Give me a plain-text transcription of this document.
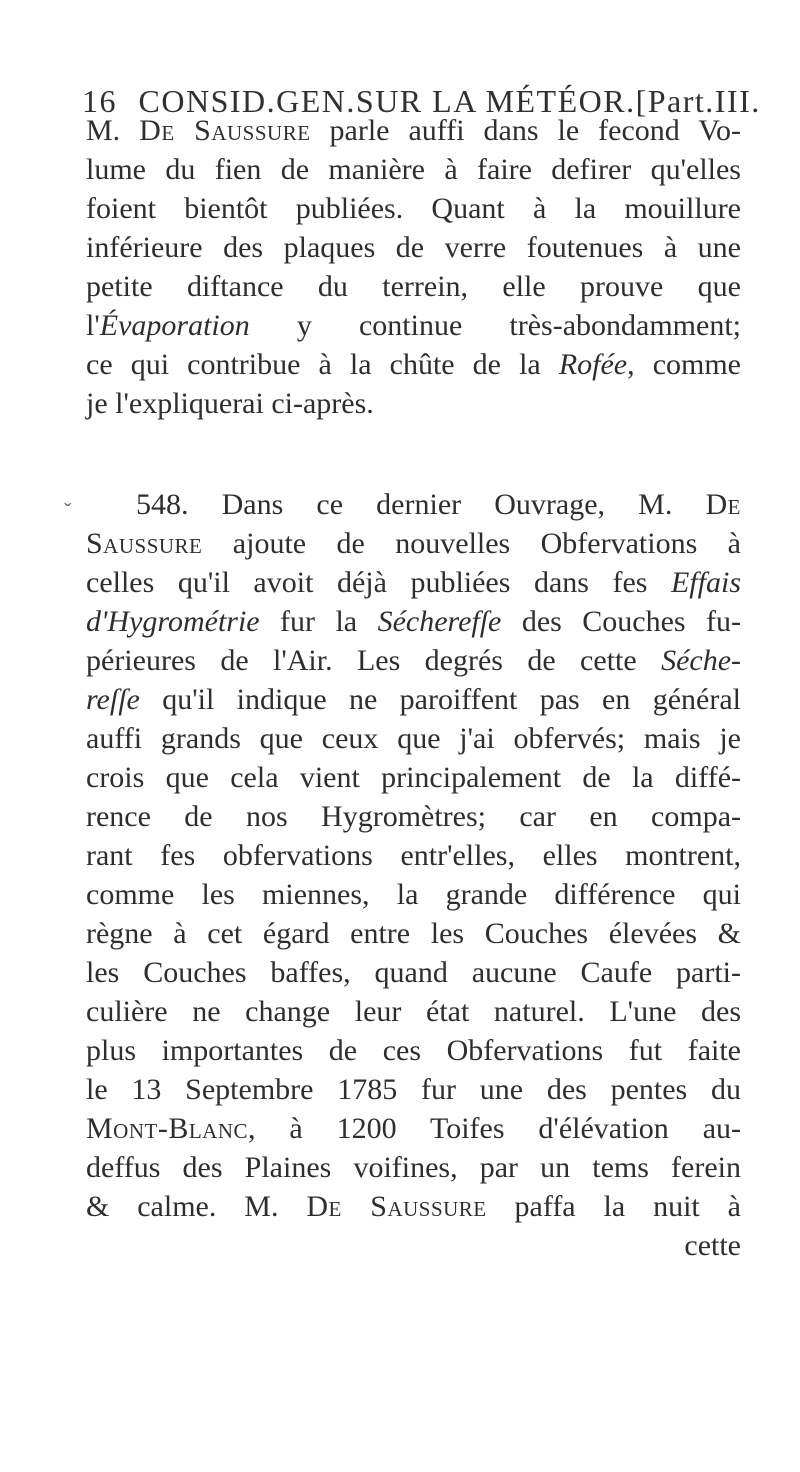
16 CONSID.GEN.SUR LA MÉTÉOR.[Part.III.
M. De Saussure parle auffi dans le fecond Vo-
lume du fien de manière à faire defirer qu'elles
foient bientôt publiées. Quant à la mouillure
inférieure des plaques de verre foutenues à une
petite diftance du terrein, elle prouve que
l'Évaporation y continue très-abondamment;
ce qui contribue à la chûte de la Rofée, comme
je l'expliquerai ci-après.
ˇ	548. Dans ce dernier Ouvrage, M. De
Saussure ajoute de nouvelles Obfervations à
celles qu'il avoit déjà publiées dans fes Effais
d'Hygrométrie fur la Sécherefſe des Couches fu-
périeures de l'Air. Les degrés de cette Séche-
reſſe qu'il indique ne paroiffent pas en général
auffi grands que ceux que j'ai obfervés; mais je
crois que cela vient principalement de la diffé-
rence de nos Hygromètres; car en compa-
rant fes obfervations entr'elles, elles montrent,
comme les miennes, la grande différence qui
règne à cet égard entre les Couches élevées &
les Couches baffes, quand aucune Caufe parti-
culière ne change leur état naturel. L'une des
plus importantes de ces Obfervations fut faite
le 13 Septembre 1785 fur une des pentes du
Mont-Blanc, à 1200 Toifes d'élévation au-
deffus des Plaines voifines, par un tems ferein
& calme. M. De Saussure paffa la nuit à
cette
